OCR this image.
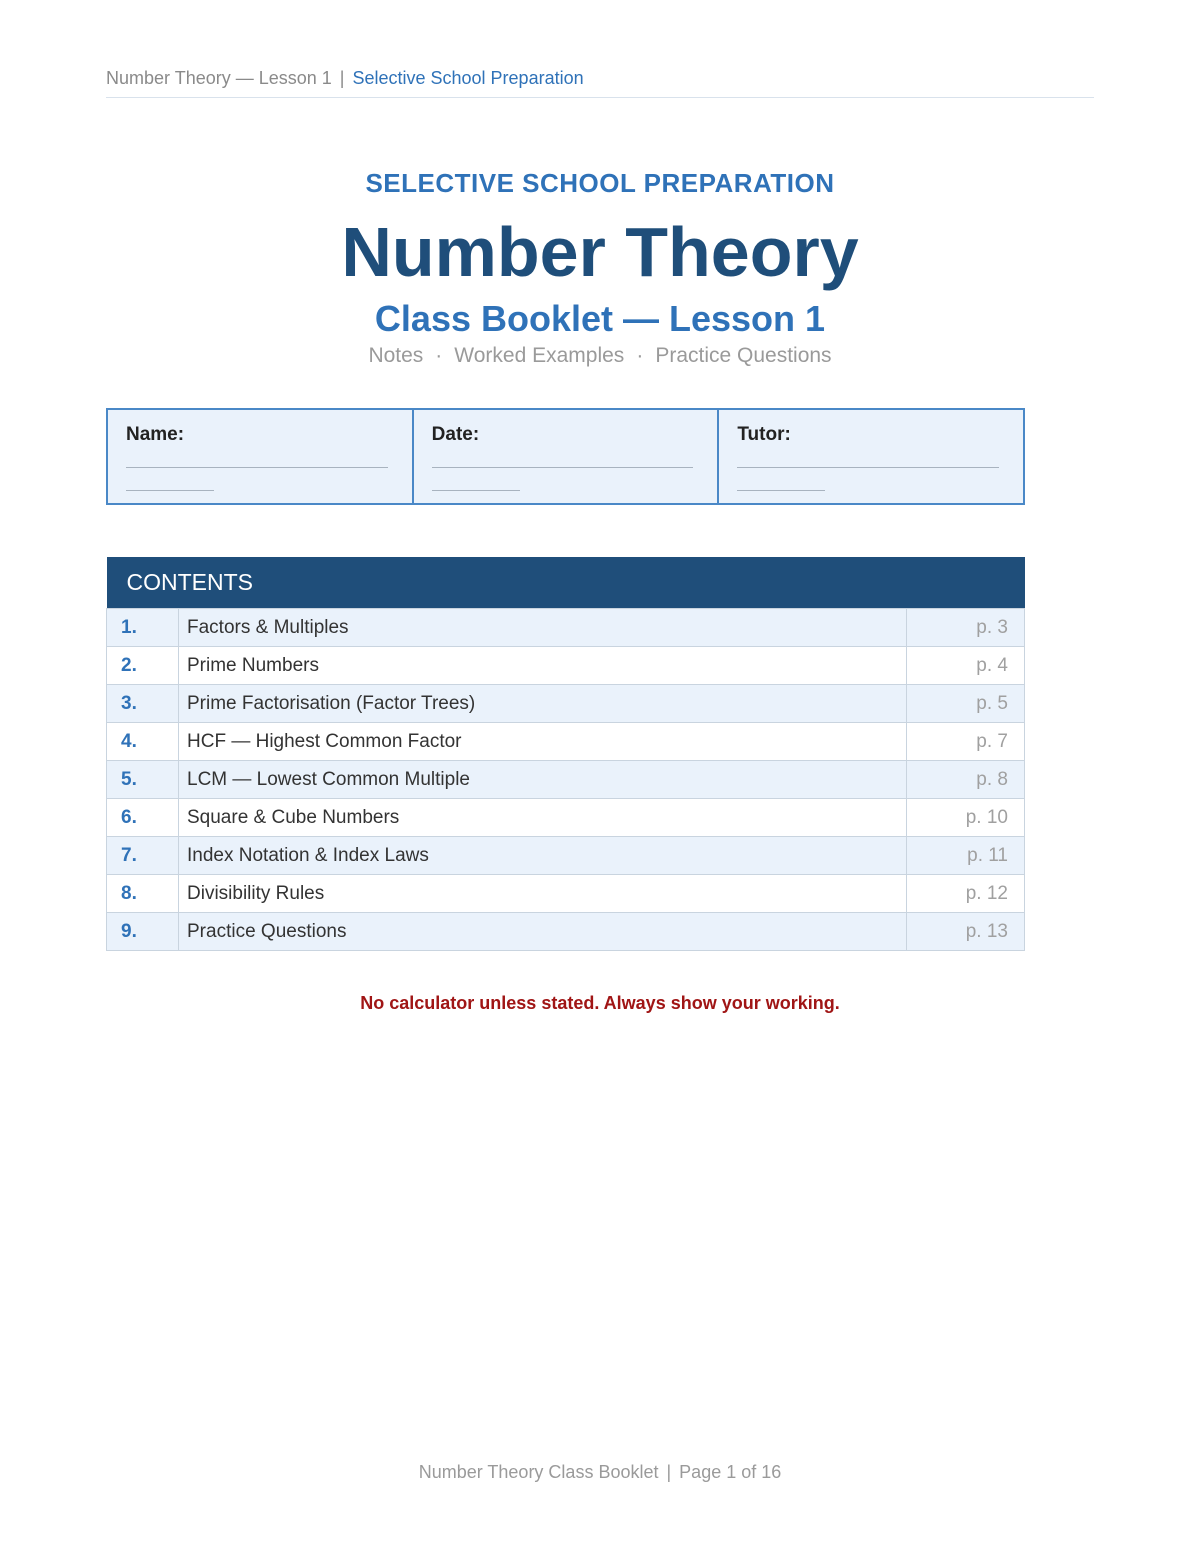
Number Theory — Lesson 1 | Selective School Preparation
SELECTIVE SCHOOL PREPARATION
Number Theory
Class Booklet — Lesson 1
Notes · Worked Examples · Practice Questions
Name:	Date:	Tutor:
CONTENTS		
1.	Factors & Multiples	p. 3
2.	Prime Numbers	p. 4
3.	Prime Factorisation (Factor Trees)	p. 5
4.	HCF — Highest Common Factor	p. 7
5.	LCM — Lowest Common Multiple	p. 8
6.	Square & Cube Numbers	p. 10
7.	Index Notation & Index Laws	p. 11
8.	Divisibility Rules	p. 12
9.	Practice Questions	p. 13
No calculator unless stated. Always show your working.
Number Theory Class Booklet | Page 1 of 16
